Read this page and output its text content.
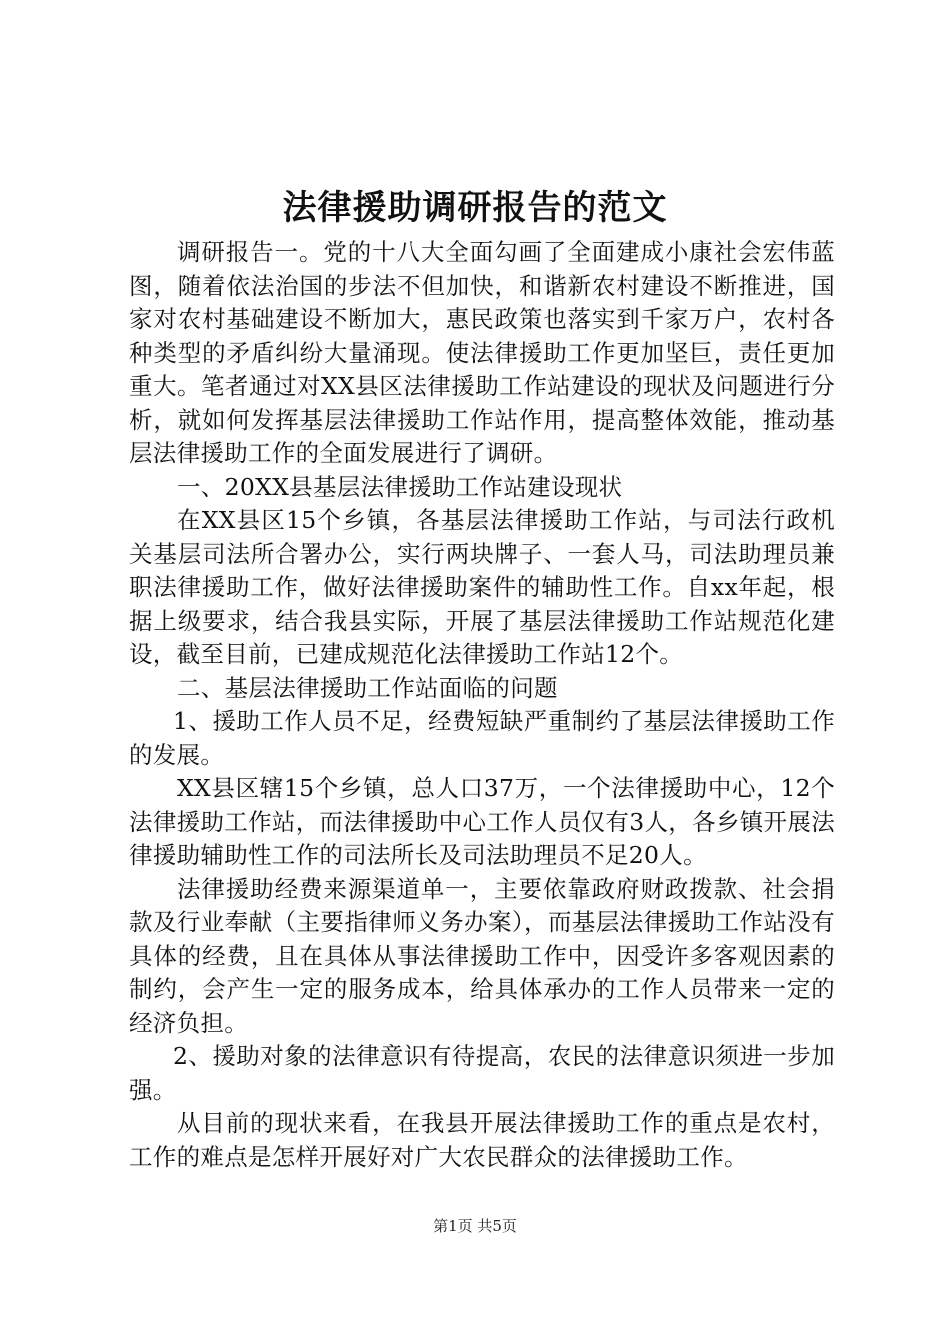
法律援助调研报告的范文

调研报告一。党的十八大全面勾画了全面建成小康社会宏伟蓝图，随着依法治国的步法不但加快，和谐新农村建设不断推进，国家对农村基础建设不断加大，惠民政策也落实到千家万户，农村各种类型的矛盾纠纷大量涌现。使法律援助工作更加坚巨，责任更加重大。笔者通过对XX县区法律援助工作站建设的现状及问题进行分析，就如何发挥基层法律援助工作站作用，提高整体效能，推动基层法律援助工作的全面发展进行了调研。

一、20XX县基层法律援助工作站建设现状

在XX县区15个乡镇，各基层法律援助工作站，与司法行政机关基层司法所合署办公，实行两块牌子、一套人马，司法助理员兼职法律援助工作，做好法律援助案件的辅助性工作。自xx年起，根据上级要求，结合我县实际，开展了基层法律援助工作站规范化建设，截至目前，已建成规范化法律援助工作站12个。

二、基层法律援助工作站面临的问题

1、援助工作人员不足，经费短缺严重制约了基层法律援助工作的发展。

XX县区辖15个乡镇，总人口37万，一个法律援助中心，12个法律援助工作站，而法律援助中心工作人员仅有3人，各乡镇开展法律援助辅助性工作的司法所长及司法助理员不足20人。

法律援助经费来源渠道单一，主要依靠政府财政拨款、社会捐款及行业奉献（主要指律师义务办案），而基层法律援助工作站没有具体的经费，且在具体从事法律援助工作中，因受许多客观因素的制约，会产生一定的服务成本，给具体承办的工作人员带来一定的经济负担。

2、援助对象的法律意识有待提高，农民的法律意识须进一步加强。

从目前的现状来看，在我县开展法律援助工作的重点是农村，工作的难点是怎样开展好对广大农民群众的法律援助工作。

第1页 共5页
